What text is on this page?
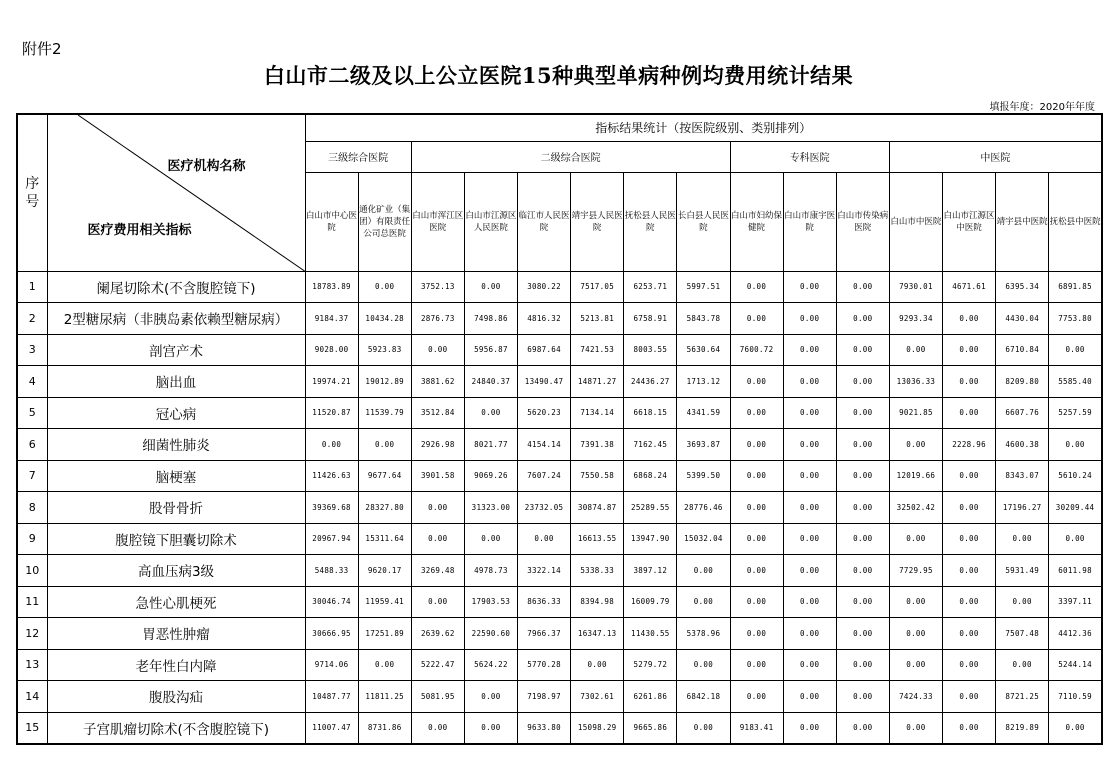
附件2
白山市二级及以上公立医院15种典型单病种例均费用统计结果
填报年度：2020年年度
序号	医疗机构名称
医疗费用相关指标	指标结果统计（按医院级别、类别排列）														
		三级综合医院		二级综合医院						专科医院			中医院			
		白山市中心医院	通化矿业（集团）有限责任公司总医院	白山市浑江区医院	白山市江源区人民医院	临江市人民医院	靖宇县人民医院	抚松县人民医院	长白县人民医院	白山市妇幼保健院	白山市康宇医院	白山市传染病医院	白山市中医院	白山市江源区中医院	靖宇县中医院	抚松县中医院
1	阑尾切除术(不含腹腔镜下)	18783.89	0.00	3752.13	0.00	3080.22	7517.05	6253.71	5997.51	0.00	0.00	0.00	7930.01	4671.61	6395.34	6891.85
2	2型糖尿病（非胰岛素依赖型糖尿病）	9184.37	10434.28	2876.73	7498.86	4816.32	5213.81	6758.91	5843.78	0.00	0.00	0.00	9293.34	0.00	4430.04	7753.80
3	剖宫产术	9028.00	5923.83	0.00	5956.87	6987.64	7421.53	8003.55	5630.64	7600.72	0.00	0.00	0.00	0.00	6710.84	0.00
4	脑出血	19974.21	19012.89	3881.62	24840.37	13490.47	14871.27	24436.27	1713.12	0.00	0.00	0.00	13036.33	0.00	8209.80	5585.40
5	冠心病	11520.87	11539.79	3512.84	0.00	5620.23	7134.14	6618.15	4341.59	0.00	0.00	0.00	9021.85	0.00	6607.76	5257.59
6	细菌性肺炎	0.00	0.00	2926.98	8021.77	4154.14	7391.38	7162.45	3693.87	0.00	0.00	0.00	0.00	2228.96	4600.38	0.00
7	脑梗塞	11426.63	9677.64	3901.58	9069.26	7607.24	7550.58	6868.24	5399.50	0.00	0.00	0.00	12019.66	0.00	8343.07	5610.24
8	股骨骨折	39369.68	28327.80	0.00	31323.00	23732.05	30874.87	25289.55	28776.46	0.00	0.00	0.00	32502.42	0.00	17196.27	30209.44
9	腹腔镜下胆囊切除术	20967.94	15311.64	0.00	0.00	0.00	16613.55	13947.90	15032.04	0.00	0.00	0.00	0.00	0.00	0.00	0.00
10	高血压病3级	5488.33	9620.17	3269.48	4978.73	3322.14	5338.33	3897.12	0.00	0.00	0.00	0.00	7729.95	0.00	5931.49	6011.98
11	急性心肌梗死	30046.74	11959.41	0.00	17903.53	8636.33	8394.98	16009.79	0.00	0.00	0.00	0.00	0.00	0.00	0.00	3397.11
12	胃恶性肿瘤	30666.95	17251.89	2639.62	22590.60	7966.37	16347.13	11430.55	5378.96	0.00	0.00	0.00	0.00	0.00	7507.48	4412.36
13	老年性白内障	9714.06	0.00	5222.47	5624.22	5770.28	0.00	5279.72	0.00	0.00	0.00	0.00	0.00	0.00	0.00	5244.14
14	腹股沟疝	10487.77	11811.25	5081.95	0.00	7198.97	7302.61	6261.86	6842.18	0.00	0.00	0.00	7424.33	0.00	8721.25	7110.59
15	子宫肌瘤切除术(不含腹腔镜下)	11007.47	8731.86	0.00	0.00	9633.80	15098.29	9665.86	0.00	9183.41	0.00	0.00	0.00	0.00	8219.89	0.00
